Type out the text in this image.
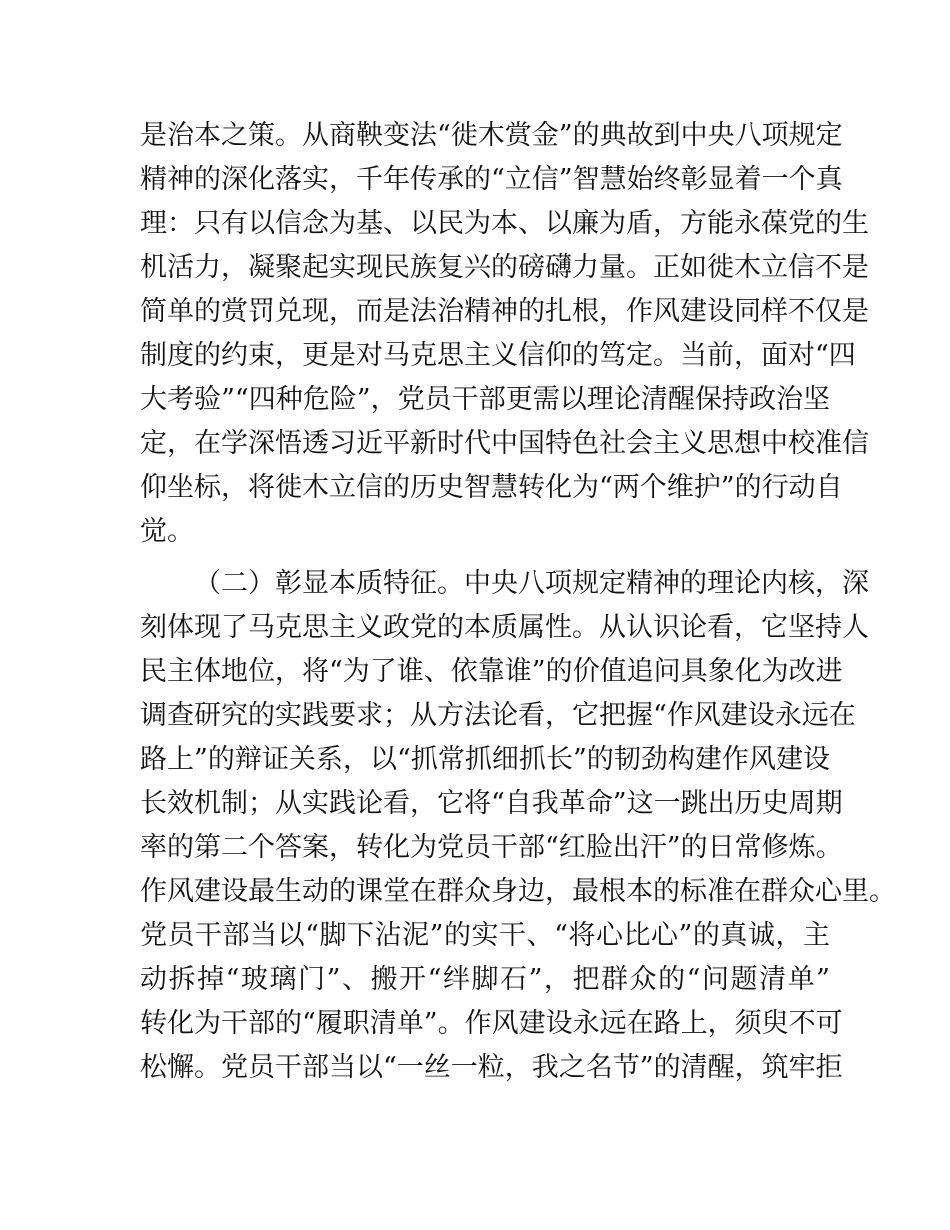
是治本之策。从商鞅变法“徙木赏金”的典故到中央八项规定
精神的深化落实，千年传承的“立信”智慧始终彰显着一个真
理：只有以信念为基、以民为本、以廉为盾，方能永葆党的生
机活力，凝聚起实现民族复兴的磅礴力量。正如徙木立信不是
简单的赏罚兑现，而是法治精神的扎根，作风建设同样不仅是
制度的约束，更是对马克思主义信仰的笃定。当前，面对“四
大考验”“四种危险”，党员干部更需以理论清醒保持政治坚
定，在学深悟透习近平新时代中国特色社会主义思想中校准信
仰坐标，将徙木立信的历史智慧转化为“两个维护”的行动自
觉。
（二）彰显本质特征。中央八项规定精神的理论内核，深
刻体现了马克思主义政党的本质属性。从认识论看，它坚持人
民主体地位，将“为了谁、依靠谁”的价值追问具象化为改进
调查研究的实践要求；从方法论看，它把握“作风建设永远在
路上”的辩证关系，以“抓常抓细抓长”的韧劲构建作风建设
长效机制；从实践论看，它将“自我革命”这一跳出历史周期
率的第二个答案，转化为党员干部“红脸出汗”的日常修炼。
作风建设最生动的课堂在群众身边，最根本的标准在群众心里。
党员干部当以“脚下沾泥”的实干、“将心比心”的真诚，主
动拆掉“玻璃门”、搬开“绊脚石”，把群众的“问题清单”
转化为干部的“履职清单”。作风建设永远在路上，须臾不可
松懈。党员干部当以“一丝一粒，我之名节”的清醒，筑牢拒
